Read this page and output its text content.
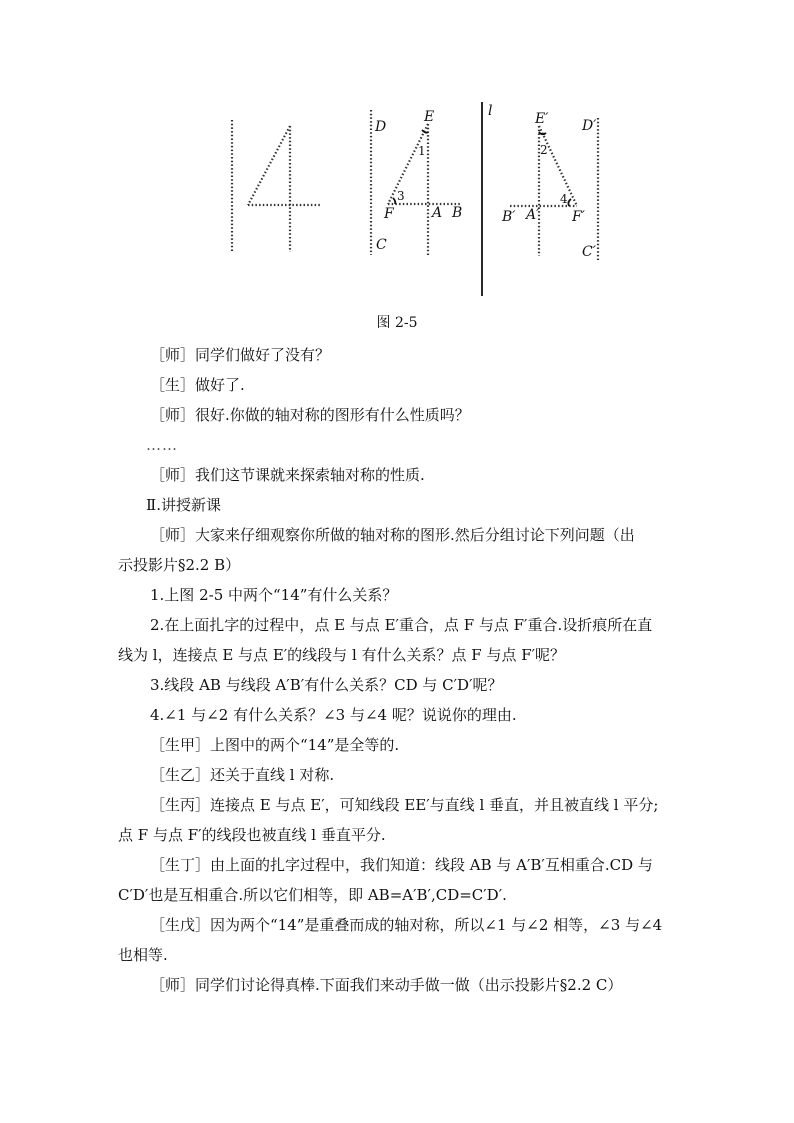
D
E
1
3
F	A B
C
l	E′ D′
2
4
B′ A′ F′
C′
图 2-5

［师］同学们做好了没有？

［生］做好了.

［师］很好.你做的轴对称的图形有什么性质吗？

……

［师］我们这节课就来探索轴对称的性质.

Ⅱ.讲授新课

［师］大家来仔细观察你所做的轴对称的图形.然后分组讨论下列问题（出

示投影片§2.2 B）

1.上图 2-5 中两个“14”有什么关系？

2.在上面扎字的过程中，点 E 与点 E′重合，点 F 与点 F′重合.设折痕所在直

线为 l，连接点 E 与点 E′的线段与 l 有什么关系？点 F 与点 F′呢？

3.线段 AB 与线段 A′B′有什么关系？CD 与 C′D′呢？

4.∠1 与∠2 有什么关系？∠3 与∠4 呢？说说你的理由.

［生甲］上图中的两个“14”是全等的.

［生乙］还关于直线 l 对称.

［生丙］连接点 E 与点 E′，可知线段 EE′与直线 l 垂直，并且被直线 l 平分;

点 F 与点 F′的线段也被直线 l 垂直平分.

［生丁］由上面的扎字过程中，我们知道：线段 AB 与 A′B′互相重合.CD 与

C′D′也是互相重合.所以它们相等，即 AB=A′B′,CD=C′D′.

［生戊］因为两个“14”是重叠而成的轴对称，所以∠1 与∠2 相等，∠3 与∠4

也相等.

［师］同学们讨论得真棒.下面我们来动手做一做（出示投影片§2.2 C）
